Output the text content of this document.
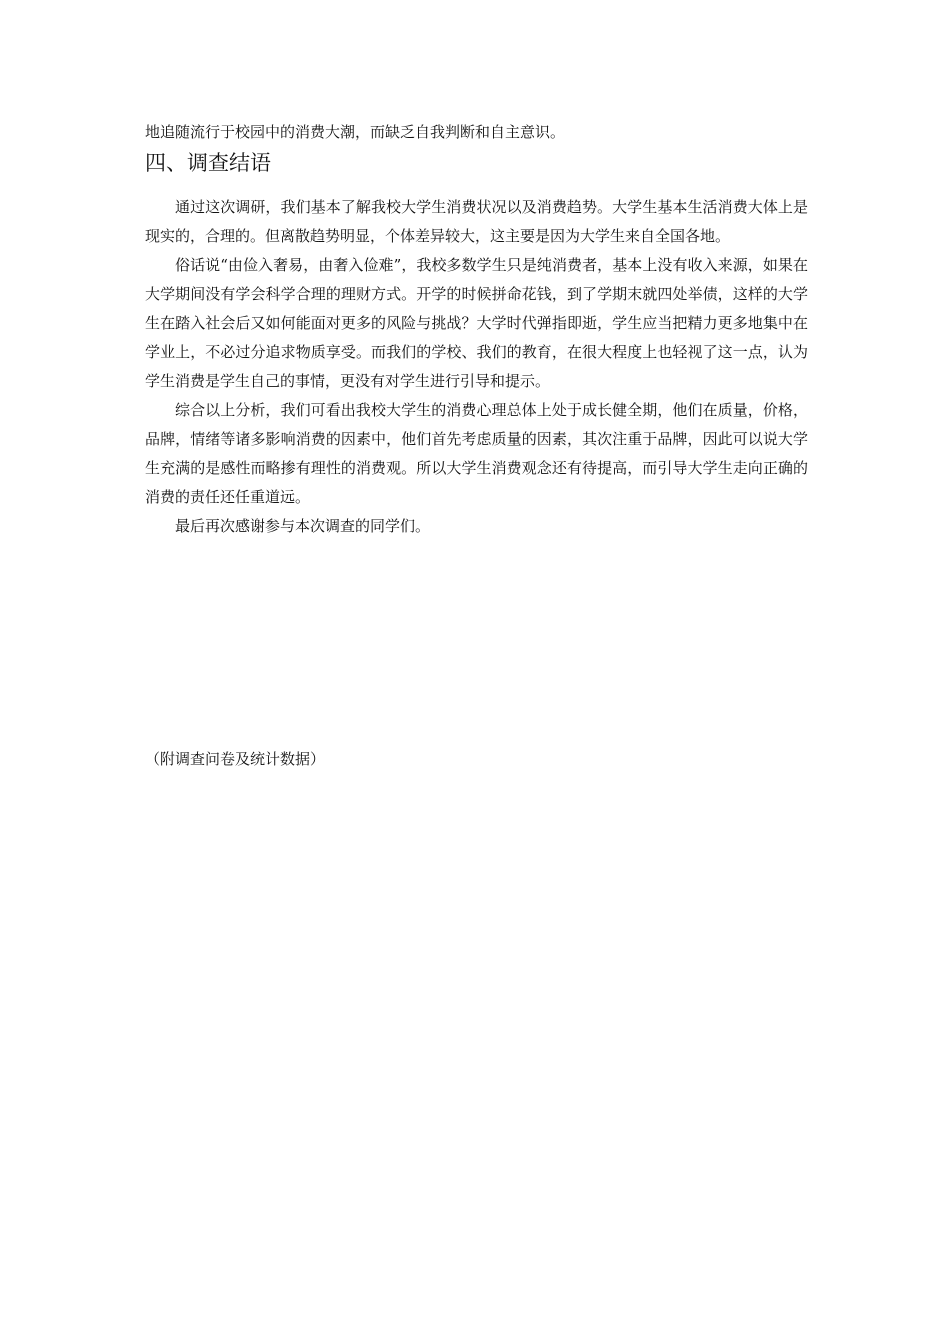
地追随流行于校园中的消费大潮，而缺乏自我判断和自主意识。

四、调查结语

通过这次调研，我们基本了解我校大学生消费状况以及消费趋势。大学生基本生活消费大体上是现实的，合理的。但离散趋势明显，个体差异较大，这主要是因为大学生来自全国各地。

俗话说“由俭入奢易，由奢入俭难”，我校多数学生只是纯消费者，基本上没有收入来源，如果在大学期间没有学会科学合理的理财方式。开学的时候拼命花钱，到了学期末就四处举债，这样的大学生在踏入社会后又如何能面对更多的风险与挑战？大学时代弹指即逝，学生应当把精力更多地集中在学业上，不必过分追求物质享受。而我们的学校、我们的教育，在很大程度上也轻视了这一点，认为学生消费是学生自己的事情，更没有对学生进行引导和提示。

综合以上分析，我们可看出我校大学生的消费心理总体上处于成长健全期，他们在质量，价格，品牌，情绪等诸多影响消费的因素中，他们首先考虑质量的因素，其次注重于品牌，因此可以说大学生充满的是感性而略掺有理性的消费观。所以大学生消费观念还有待提高，而引导大学生走向正确的消费的责任还任重道远。

最后再次感谢参与本次调查的同学们。

（附调查问卷及统计数据）
